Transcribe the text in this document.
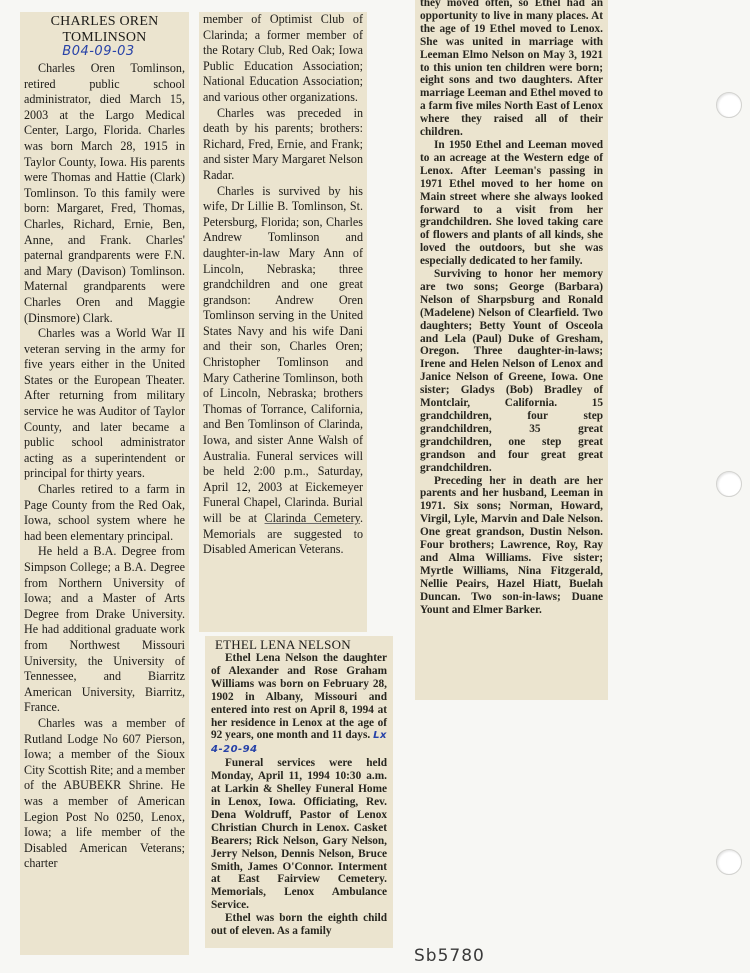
CHARLES OREN TOMLINSON
B04-09-03

Charles Oren Tomlinson, retired public school administrator, died March 15, 2003 at the Largo Medical Center, Largo, Florida. Charles was born March 28, 1915 in Taylor County, Iowa. His parents were Thomas and Hattie (Clark) Tomlinson. To this family were born: Margaret, Fred, Thomas, Charles, Richard, Ernie, Ben, Anne, and Frank. Charles' paternal grandparents were F.N. and Mary (Davison) Tomlinson. Maternal grandparents were Charles Oren and Maggie (Dinsmore) Clark.

Charles was a World War II veteran serving in the army for five years either in the United States or the European Theater. After returning from military service he was Auditor of Taylor County, and later became a public school administrator acting as a superintendent or principal for thirty years.

Charles retired to a farm in Page County from the Red Oak, Iowa, school system where he had been elementary principal.

He held a B.A. Degree from Simpson College; a B.A. Degree from Northern University of Iowa; and a Master of Arts Degree from Drake University. He had additional graduate work from Northwest Missouri University, the University of Tennessee, and Biarritz American University, Biarritz, France.

Charles was a member of Rutland Lodge No 607 Pierson, Iowa; a member of the Sioux City Scottish Rite; and a member of the ABUBEKR Shrine. He was a member of American Legion Post No 0250, Lenox, Iowa; a life member of the Disabled American Veterans; charter

member of Optimist Club of Clarinda; a former member of the Rotary Club, Red Oak; Iowa Public Education Association; National Education Association; and various other organizations.

Charles was preceded in death by his parents; brothers: Richard, Fred, Ernie, and Frank; and sister Mary Margaret Nelson Radar.

Charles is survived by his wife, Dr Lillie B. Tomlinson, St. Petersburg, Florida; son, Charles Andrew Tomlinson and daughter-in-law Mary Ann of Lincoln, Nebraska; three grandchildren and one great grandson: Andrew Oren Tomlinson serving in the United States Navy and his wife Dani and their son, Charles Oren; Christopher Tomlinson and Mary Catherine Tomlinson, both of Lincoln, Nebraska; brothers Thomas of Torrance, California, and Ben Tomlinson of Clarinda, Iowa, and sister Anne Walsh of Australia. Funeral services will be held 2:00 p.m., Saturday, April 12, 2003 at Eickemeyer Funeral Chapel, Clarinda. Burial will be at Clarinda Cemetery. Memorials are suggested to Disabled American Veterans.

ETHEL LENA NELSON

Ethel Lena Nelson the daughter of Alexander and Rose Graham Williams was born on February 28, 1902 in Albany, Missouri and entered into rest on April 8, 1994 at her residence in Lenox at the age of 92 years, one month and 11 days. Lx 4-20-94

Funeral services were held Monday, April 11, 1994 10:30 a.m. at Larkin & Shelley Funeral Home in Lenox, Iowa. Officiating, Rev. Dena Woldruff, Pastor of Lenox Christian Church in Lenox. Casket Bearers; Rick Nelson, Gary Nelson, Jerry Nelson, Dennis Nelson, Bruce Smith, James O'Connor. Interment at East Fairview Cemetery. Memorials, Lenox Ambulance Service.

Ethel was born the eighth child out of eleven. As a family

they moved often, so Ethel had an opportunity to live in many places. At the age of 19 Ethel moved to Lenox. She was united in marriage with Leeman Elmo Nelson on May 3, 1921 to this union ten children were born; eight sons and two daughters. After marriage Leeman and Ethel moved to a farm five miles North East of Lenox where they raised all of their children.

In 1950 Ethel and Leeman moved to an acreage at the Western edge of Lenox. After Leeman's passing in 1971 Ethel moved to her home on Main street where she always looked forward to a visit from her grandchildren. She loved taking care of flowers and plants of all kinds, she loved the outdoors, but she was especially dedicated to her family.

Surviving to honor her memory are two sons; George (Barbara) Nelson of Sharpsburg and Ronald (Madelene) Nelson of Clearfield. Two daughters; Betty Yount of Osceola and Lela (Paul) Duke of Gresham, Oregon. Three daughter-in-laws; Irene and Helen Nelson of Lenox and Janice Nelson of Greene, Iowa. One sister; Gladys (Bob) Bradley of Montclair, California. 15 grandchildren, four step grandchildren, 35 great grandchildren, one step great grandson and four great great grandchildren.

Preceding her in death are her parents and her husband, Leeman in 1971. Six sons; Norman, Howard, Virgil, Lyle, Marvin and Dale Nelson. One great grandson, Dustin Nelson. Four brothers; Lawrence, Roy, Ray and Alma Williams. Five sister; Myrtle Williams, Nina Fitzgerald, Nellie Peairs, Hazel Hiatt, Buelah Duncan. Two son-in-laws; Duane Yount and Elmer Barker.

Sb5780
